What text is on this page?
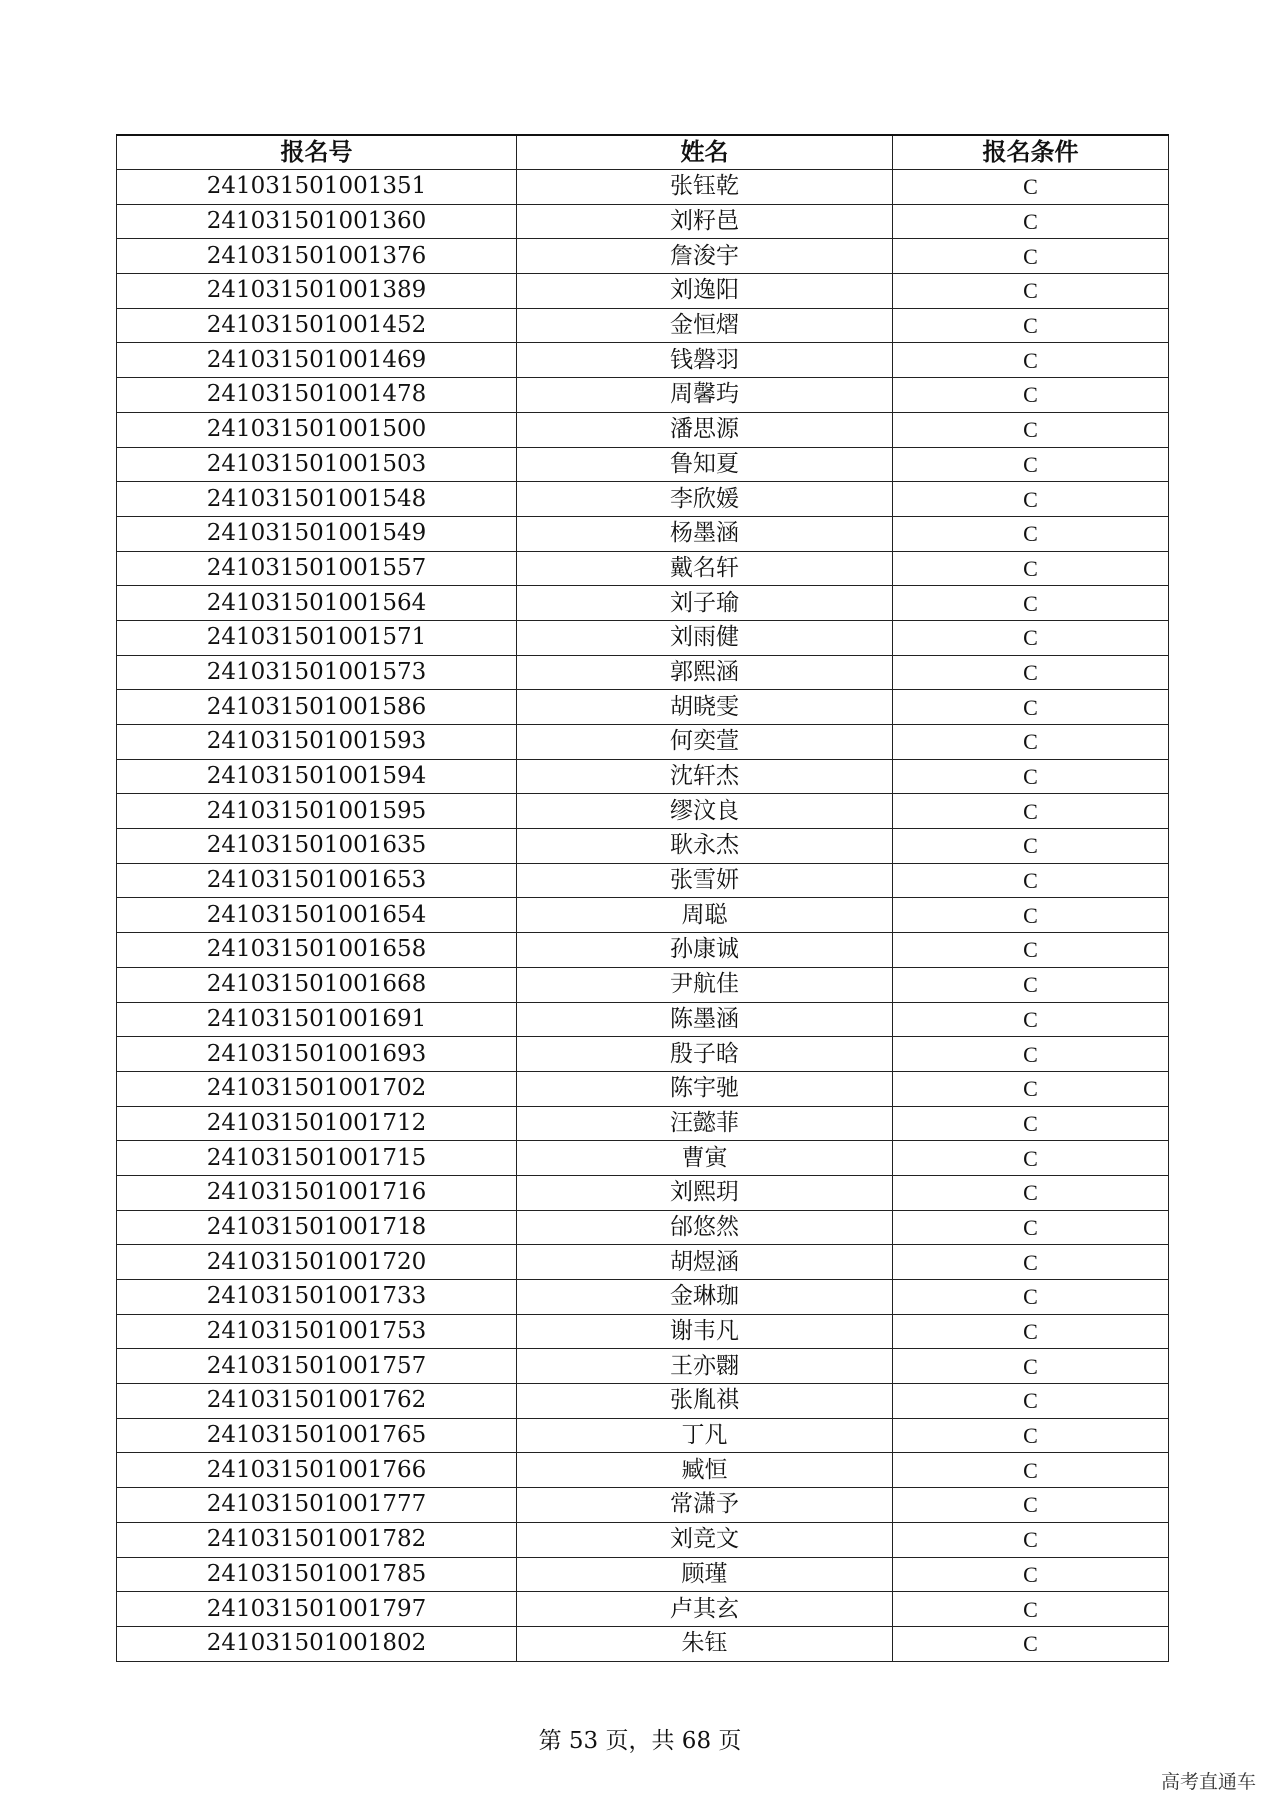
报名号	姓名	报名条件
241031501001351	张钰乾	C
241031501001360	刘籽邑	C
241031501001376	詹浚宇	C
241031501001389	刘逸阳	C
241031501001452	金恒熠	C
241031501001469	钱磐羽	C
241031501001478	周馨玙	C
241031501001500	潘思源	C
241031501001503	鲁知夏	C
241031501001548	李欣媛	C
241031501001549	杨墨涵	C
241031501001557	戴名轩	C
241031501001564	刘子瑜	C
241031501001571	刘雨健	C
241031501001573	郭熙涵	C
241031501001586	胡晓雯	C
241031501001593	何奕萱	C
241031501001594	沈轩杰	C
241031501001595	缪汶良	C
241031501001635	耿永杰	C
241031501001653	张雪妍	C
241031501001654	周聪	C
241031501001658	孙康诚	C
241031501001668	尹航佳	C
241031501001691	陈墨涵	C
241031501001693	殷子晗	C
241031501001702	陈宇驰	C
241031501001712	汪懿菲	C
241031501001715	曹寅	C
241031501001716	刘熙玥	C
241031501001718	邰悠然	C
241031501001720	胡煜涵	C
241031501001733	金琳珈	C
241031501001753	谢韦凡	C
241031501001757	王亦翾	C
241031501001762	张胤祺	C
241031501001765	丁凡	C
241031501001766	臧恒	C
241031501001777	常潇予	C
241031501001782	刘竞文	C
241031501001785	顾瑾	C
241031501001797	卢其玄	C
241031501001802	朱钰	C
第 53 页，共 68 页
高考直通车
